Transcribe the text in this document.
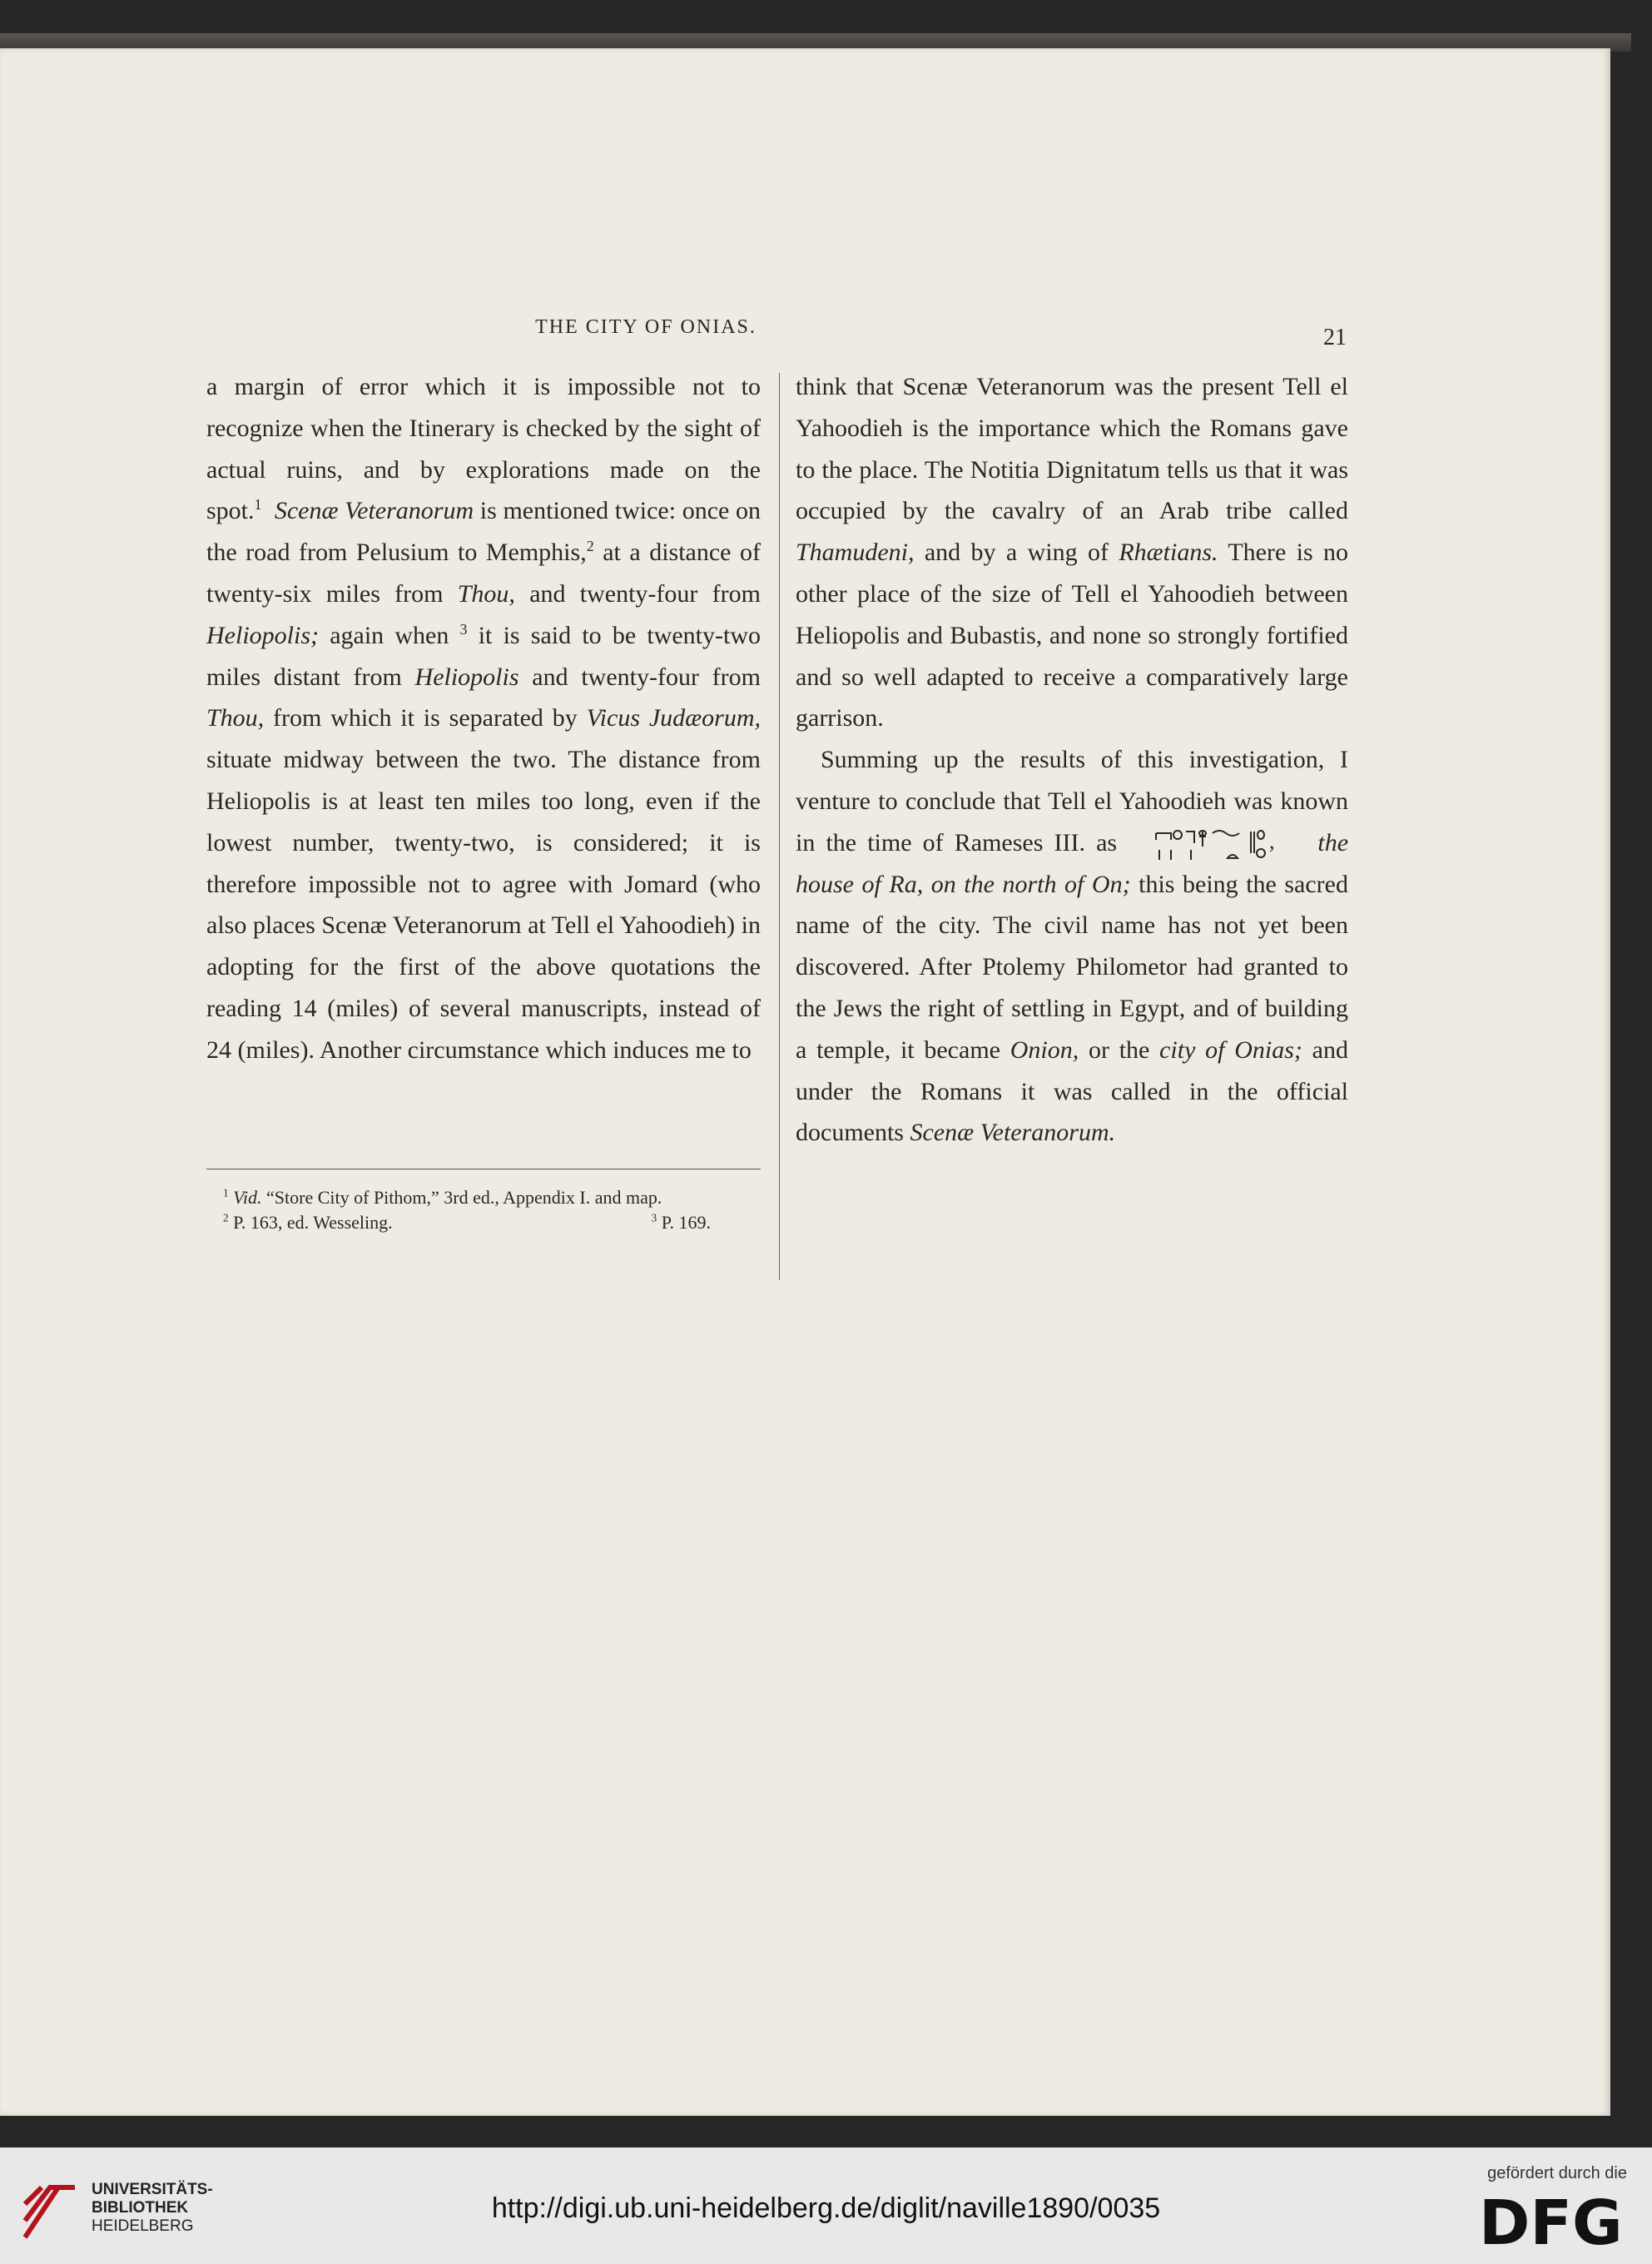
THE CITY OF ONIAS.	21

a margin of error which it is impossible not to recognize when the Itinerary is checked by the sight of actual ruins, and by explorations made on the spot.$^1$ Scenæ Veteranorum is mentioned twice: once on the road from Pelusium to Memphis,$^2$ at a distance of twenty-six miles from Thou, and twenty-four from Heliopolis; again when $^3$ it is said to be twenty-two miles distant from Heliopolis and twenty-four from Thou, from which it is separated by Vicus Judæorum, situate midway between the two. The distance from Heliopolis is at least ten miles too long, even if the lowest number, twenty-two, is considered; it is therefore impossible not to agree with Jomard (who also places Scenæ Veteranorum at Tell el Yahoodieh) in adopting for the first of the above quotations the reading 14 (miles) of several manuscripts, instead of 24 (miles). Another circumstance which induces me to

$^1$ Vid. “Store City of Pithom,” 3rd ed., Appendix I. and map.

$^2$ P. 163, ed. Wesseling.	$^3$ P. 169.

think that Scenæ Veteranorum was the present Tell el Yahoodieh is the importance which the Romans gave to the place. The Notitia Dignitatum tells us that it was occupied by the cavalry of an Arab tribe called Thamudeni, and by a wing of Rhætians. There is no other place of the size of Tell el Yahoodieh between Heliopolis and Bubastis, and none so strongly fortified and so well adapted to receive a comparatively large garrison.

Summing up the results of this investigation, I venture to conclude that Tell el Yahoodieh was known in the time of Rameses III. as	, the house of Ra, on the north of On; this being the sacred name of the city. The civil name has not yet been discovered. After Ptolemy Philometor had granted to the Jews the right of settling in Egypt, and of building a temple, it became Onion, or the city of Onias; and under the Romans it was called in the official documents Scenæ Veteranorum.

UNIVERSITÄTS-
BIBLIOTHEK
HEIDELBERG
http://digi.ub.uni-heidelberg.de/diglit/naville1890/0035
gefördert durch die
DFG
